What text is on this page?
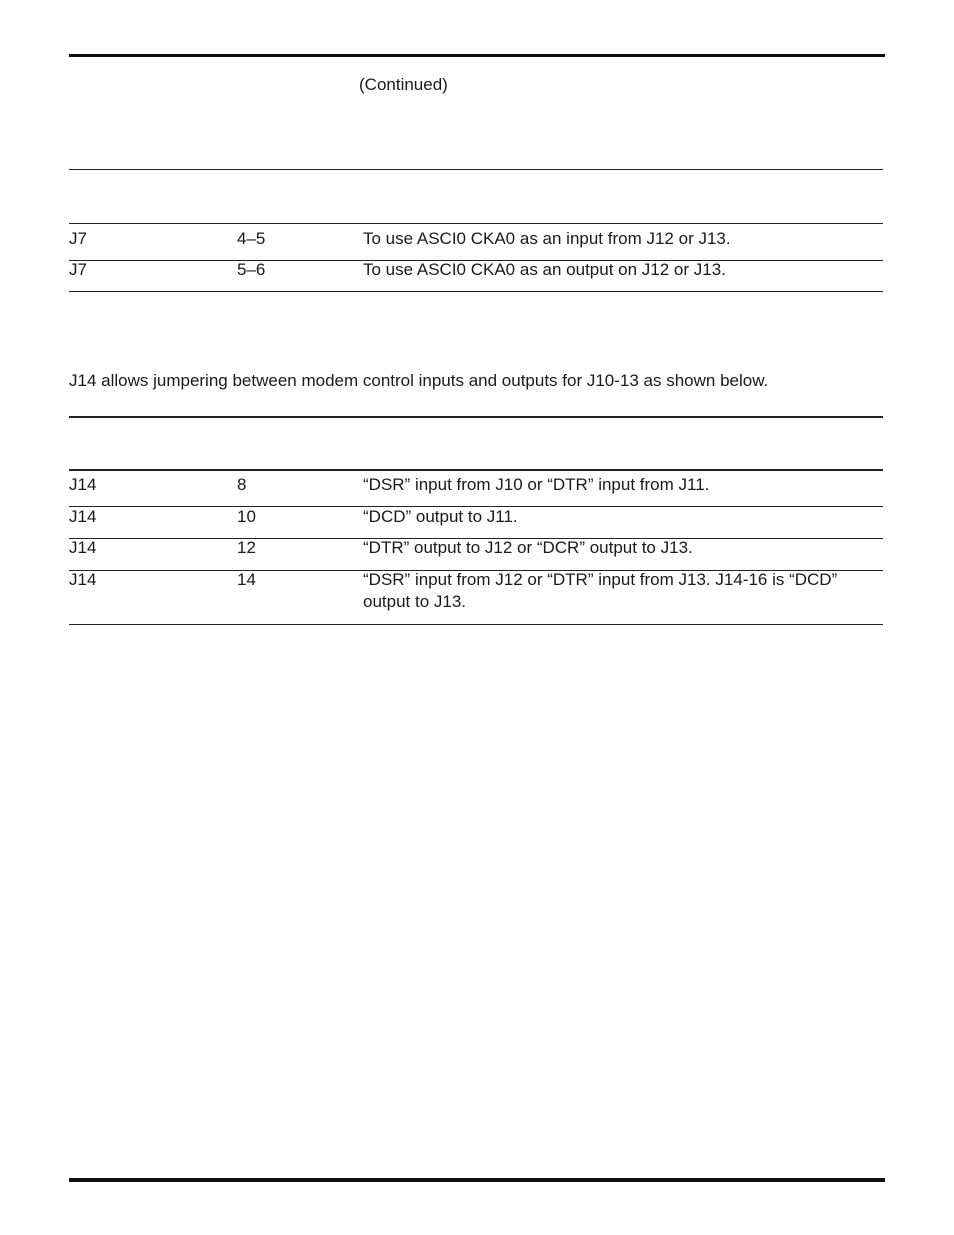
(Continued)
J7	4–5	To use ASCI0 CKA0 as an input from J12 or J13.
J7	5–6	To use ASCI0 CKA0 as an output on J12 or J13.
J14 allows jumpering between modem control inputs and outputs for J10-13 as shown below.
J14	8	“DSR” input from J10 or “DTR” input from J11.
J14	10	“DCD” output to J11.
J14	12	“DTR” output to J12 or “DCR” output to J13.
J14	14	“DSR” input from J12 or “DTR” input from J13. J14-16 is “DCD” output to J13.
